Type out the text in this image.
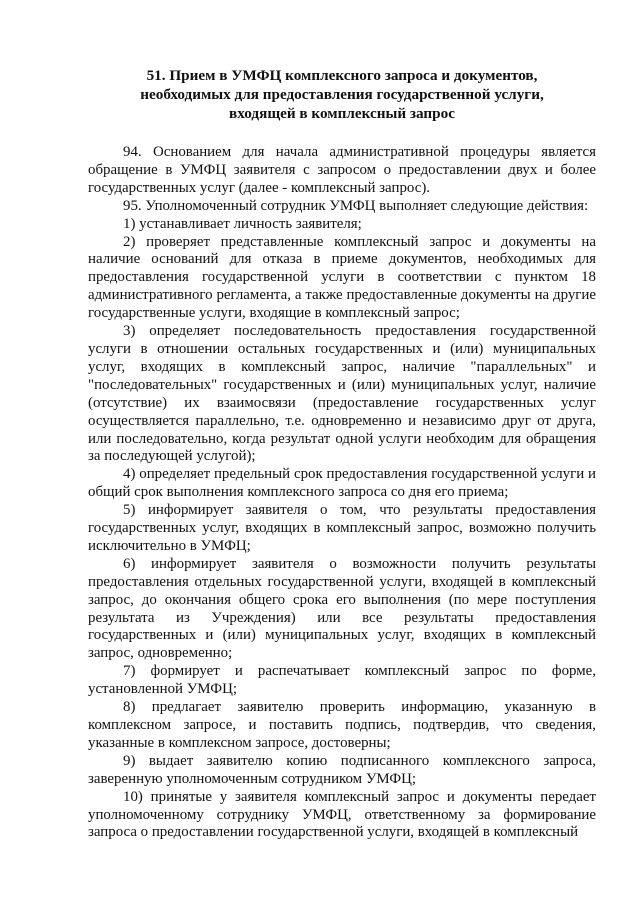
51. Прием в УМФЦ комплексного запроса и документов,
необходимых для предоставления государственной услуги,
входящей в комплексный запрос

94. Основанием для начала административной процедуры является обращение в УМФЦ заявителя с запросом о предоставлении двух и более государственных услуг (далее - комплексный запрос).

95. Уполномоченный сотрудник УМФЦ выполняет следующие действия:

1) устанавливает личность заявителя;

2) проверяет представленные комплексный запрос и документы на наличие оснований для отказа в приеме документов, необходимых для предоставления государственной услуги в соответствии с пунктом 18 административного регламента, а также предоставленные документы на другие государственные услуги, входящие в комплексный запрос;

3) определяет последовательность предоставления государственной услуги в отношении остальных государственных и (или) муниципальных услуг, входящих в комплексный запрос, наличие "параллельных" и "последовательных" государственных и (или) муниципальных услуг, наличие (отсутствие) их взаимосвязи (предоставление государственных услуг осуществляется параллельно, т.е. одновременно и независимо друг от друга, или последовательно, когда результат одной услуги необходим для обращения за последующей услугой);

4) определяет предельный срок предоставления государственной услуги и общий срок выполнения комплексного запроса со дня его приема;

5) информирует заявителя о том, что результаты предоставления государственных услуг, входящих в комплексный запрос, возможно получить исключительно в УМФЦ;

6) информирует заявителя о возможности получить результаты предоставления отдельных государственной услуги, входящей в комплексный запрос, до окончания общего срока его выполнения (по мере поступления результата из Учреждения) или все результаты предоставления государственных и (или) муниципальных услуг, входящих в комплексный запрос, одновременно;

7) формирует и распечатывает комплексный запрос по форме, установленной УМФЦ;

8) предлагает заявителю проверить информацию, указанную в комплексном запросе, и поставить подпись, подтвердив, что сведения, указанные в комплексном запросе, достоверны;

9) выдает заявителю копию подписанного комплексного запроса, заверенную уполномоченным сотрудником УМФЦ;

10) принятые у заявителя комплексный запрос и документы передает уполномоченному сотруднику УМФЦ, ответственному за формирование запроса о предоставлении государственной услуги, входящей в комплексный
